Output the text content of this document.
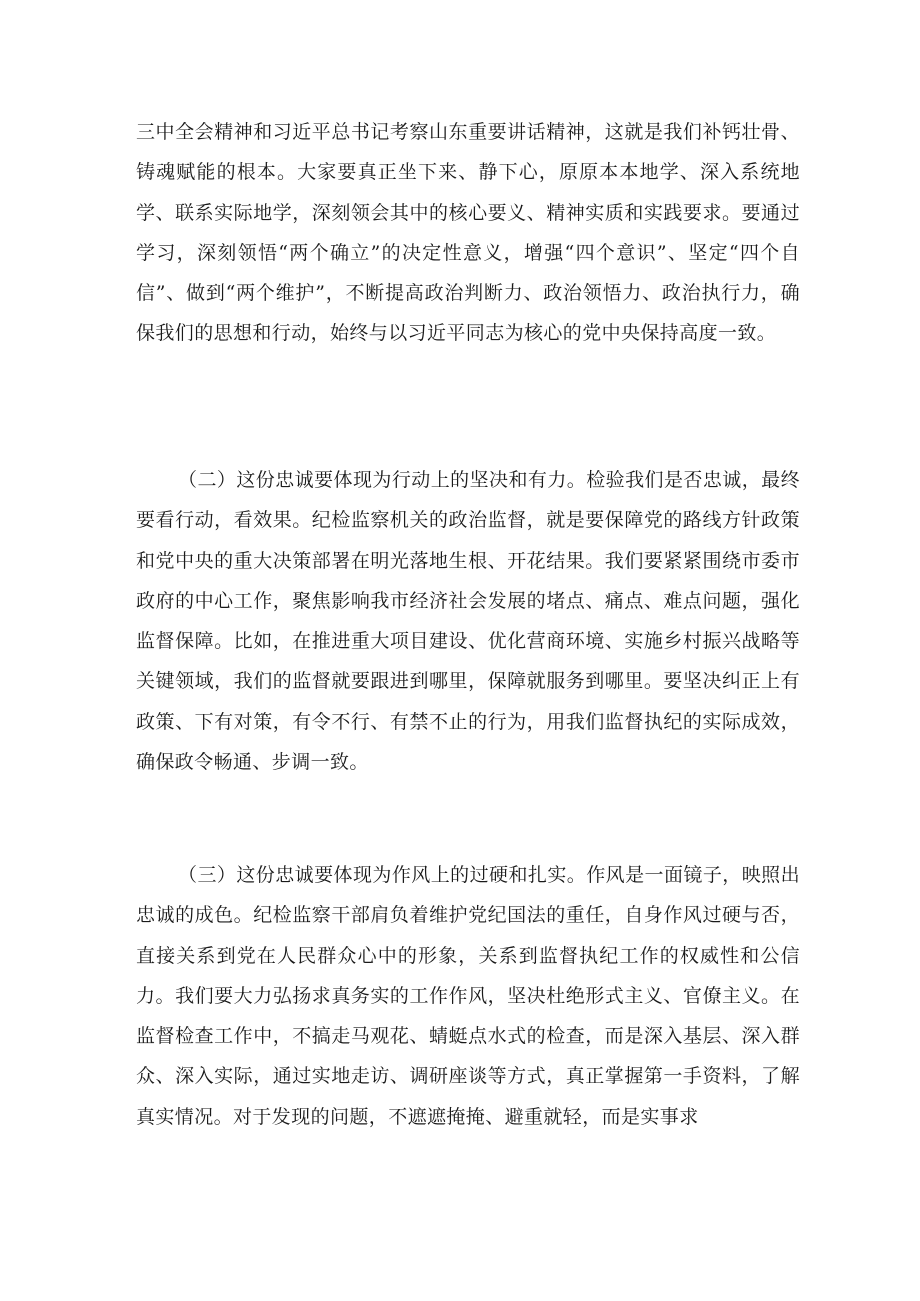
三中全会精神和习近平总书记考察山东重要讲话精神，这就是我们补钙壮骨、铸魂赋能的根本。大家要真正坐下来、静下心，原原本本地学、深入系统地学、联系实际地学，深刻领会其中的核心要义、精神实质和实践要求。要通过学习，深刻领悟“两个确立”的决定性意义，增强“四个意识”、坚定“四个自信”、做到“两个维护”，不断提高政治判断力、政治领悟力、政治执行力，确保我们的思想和行动，始终与以习近平同志为核心的党中央保持高度一致。

（二）这份忠诚要体现为行动上的坚决和有力。检验我们是否忠诚，最终要看行动，看效果。纪检监察机关的政治监督，就是要保障党的路线方针政策和党中央的重大决策部署在明光落地生根、开花结果。我们要紧紧围绕市委市政府的中心工作，聚焦影响我市经济社会发展的堵点、痛点、难点问题，强化监督保障。比如，在推进重大项目建设、优化营商环境、实施乡村振兴战略等关键领域，我们的监督就要跟进到哪里，保障就服务到哪里。要坚决纠正上有政策、下有对策，有令不行、有禁不止的行为，用我们监督执纪的实际成效，确保政令畅通、步调一致。

（三）这份忠诚要体现为作风上的过硬和扎实。作风是一面镜子，映照出忠诚的成色。纪检监察干部肩负着维护党纪国法的重任，自身作风过硬与否，直接关系到党在人民群众心中的形象，关系到监督执纪工作的权威性和公信力。我们要大力弘扬求真务实的工作作风，坚决杜绝形式主义、官僚主义。在监督检查工作中，不搞走马观花、蜻蜓点水式的检查，而是深入基层、深入群众、深入实际，通过实地走访、调研座谈等方式，真正掌握第一手资料，了解真实情况。对于发现的问题，不遮遮掩掩、避重就轻，而是实事求
